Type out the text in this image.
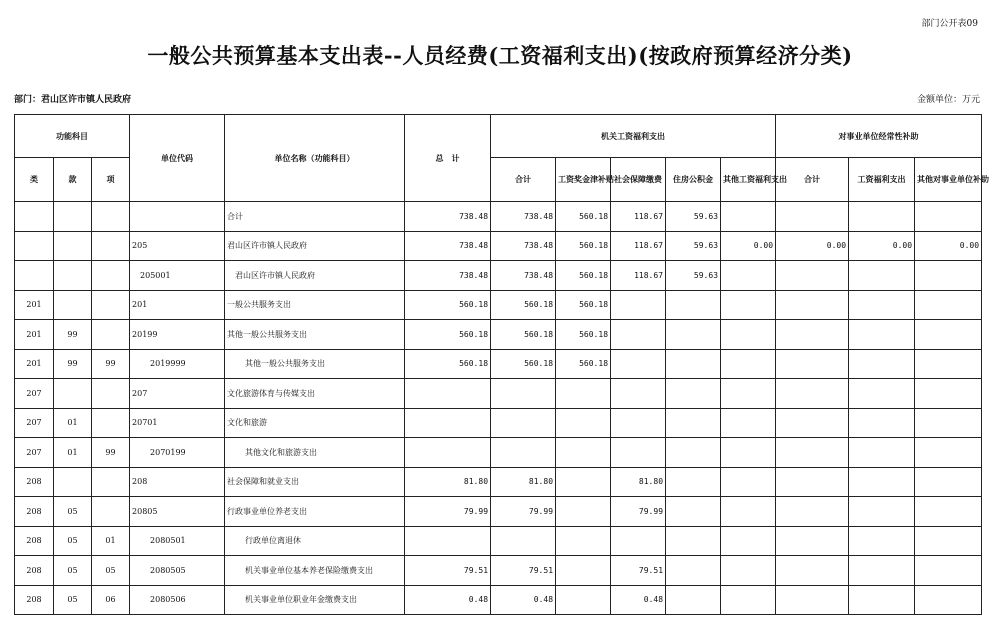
部门公开表09
一般公共预算基本支出表--人员经费(工资福利支出)(按政府预算经济分类)
部门：君山区许市镇人民政府	金额单位：万元
功能科目			单位代码	单位名称（功能科目）	总　计	机关工资福利支出					对事业单位经常性补助		
类	款	项				合计	工资奖金津补贴	社会保障缴费	住房公积金	其他工资福利支出	合计	工资福利支出	其他对事业单位补助
				合计	738.48	738.48	560.18	118.67	59.63				
			205	君山区许市镇人民政府	738.48	738.48	560.18	118.67	59.63	0.00	0.00	0.00	0.00
			205001	君山区许市镇人民政府	738.48	738.48	560.18	118.67	59.63				
201			201	一般公共服务支出	560.18	560.18	560.18						
201	99		20199	其他一般公共服务支出	560.18	560.18	560.18						
201	99	99	2019999	其他一般公共服务支出	560.18	560.18	560.18						
207			207	文化旅游体育与传媒支出									
207	01		20701	文化和旅游									
207	01	99	2070199	其他文化和旅游支出									
208			208	社会保障和就业支出	81.80	81.80		81.80					
208	05		20805	行政事业单位养老支出	79.99	79.99		79.99					
208	05	01	2080501	行政单位离退休									
208	05	05	2080505	机关事业单位基本养老保险缴费支出	79.51	79.51		79.51					
208	05	06	2080506	机关事业单位职业年金缴费支出	0.48	0.48		0.48					
